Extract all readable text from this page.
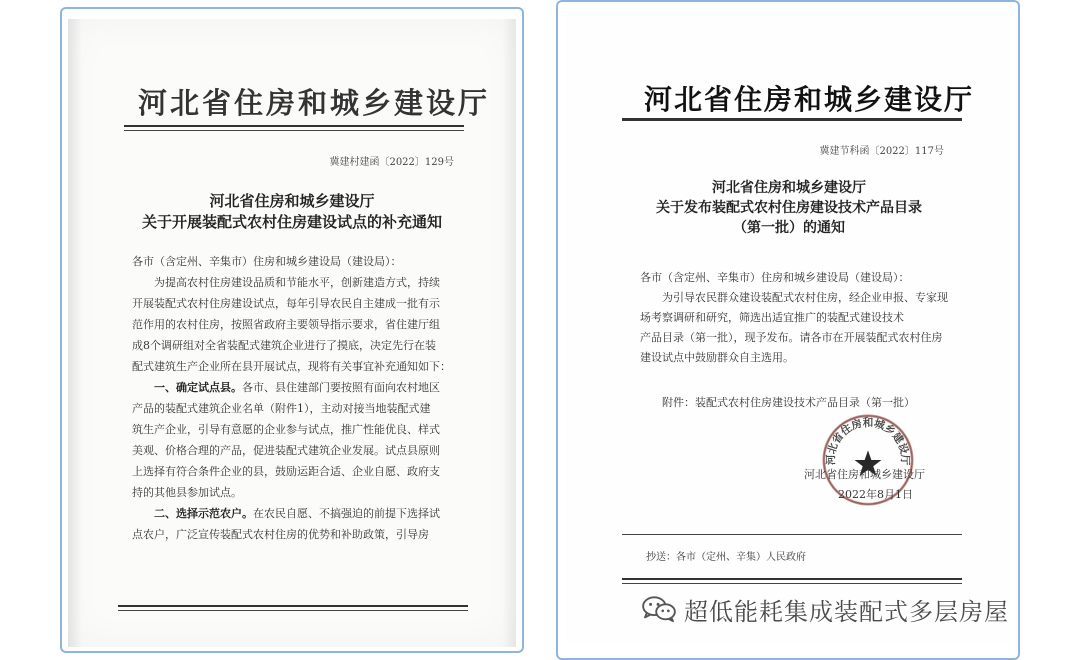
河北省住房和城乡建设厅
冀建村建函〔2022〕129号
河北省住房和城乡建设厅
关于开展装配式农村住房建设试点的补充通知
各市（含定州、辛集市）住房和城乡建设局（建设局）：
　　为提高农村住房建设品质和节能水平，创新建造方式，持续
开展装配式农村住房建设试点，每年引导农民自主建成一批有示
范作用的农村住房，按照省政府主要领导指示要求，省住建厅组
成8个调研组对全省装配式建筑企业进行了摸底，决定先行在装
配式建筑生产企业所在县开展试点，现将有关事宜补充通知如下：
　　一、确定试点县。各市、县住建部门要按照有面向农村地区
产品的装配式建筑企业名单（附件1），主动对接当地装配式建
筑生产企业，引导有意愿的企业参与试点，推广性能优良、样式
美观、价格合理的产品，促进装配式建筑企业发展。试点县原则
上选择有符合条件企业的县，鼓励运距合适、企业自愿、政府支
持的其他县参加试点。
　　二、选择示范农户。在农民自愿、不搞强迫的前提下选择试
点农户，广泛宣传装配式农村住房的优势和补助政策，引导房
河北省住房和城乡建设厅
冀建节科函〔2022〕117号
河北省住房和城乡建设厅
关于发布装配式农村住房建设技术产品目录
（第一批）的通知
各市（含定州、辛集市）住房和城乡建设局（建设局）：
　　为引导农民群众建设装配式农村住房，经企业申报、专家现
场考察调研和研究，筛选出适宜推广的装配式建设技术
产品目录（第一批），现予发布。请各市在开展装配式农村住房
建设试点中鼓励群众自主选用。
附件：装配式农村住房建设技术产品目录（第一批）
河北省住房和城乡建设厅
河北省住房和城乡建设厅
2022年8月1日
抄送：各市（定州、辛集）人民政府
超低能耗集成装配式多层房屋
